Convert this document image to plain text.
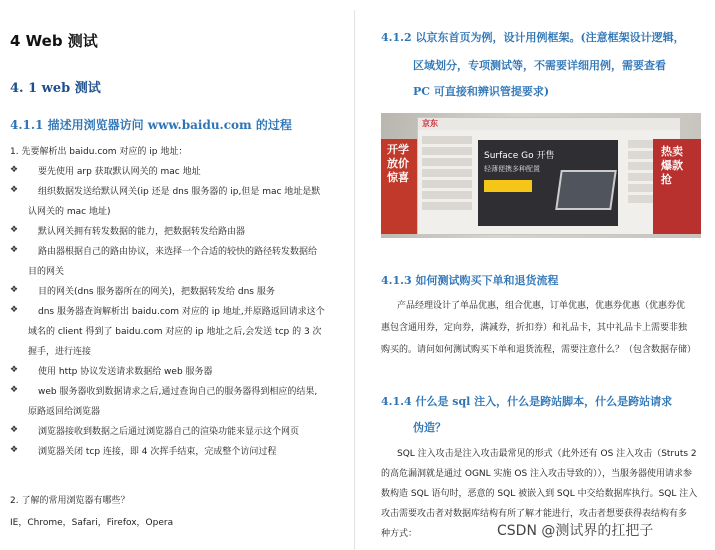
4 Web 测试
4. 1 web 测试
4.1.1 描述用浏览器访问 www.baidu.com 的过程
1. 先要解析出 baidu.com 对应的 ip 地址：
❖ 要先使用 arp 获取默认网关的 mac 地址
❖ 组织数据发送给默认网关(ip 还是 dns 服务器的 ip,但是 mac 地址是默
认网关的 mac 地址)
❖ 默认网关拥有转发数据的能力，把数据转发给路由器
❖ 路由器根据自己的路由协议，来选择一个合适的较快的路径转发数据给
目的网关
❖ 目的网关(dns 服务器所在的网关)，把数据转发给 dns 服务
❖ dns 服务器查询解析出 baidu.com 对应的 ip 地址,并原路返回请求这个
域名的 client 得到了 baidu.com 对应的 ip 地址之后,会发送 tcp 的 3 次
握手，进行连接
❖ 使用 http 协议发送请求数据给 web 服务器
❖ web 服务器收到数据请求之后,通过查询自己的服务器得到相应的结果,
原路返回给浏览器
❖ 浏览器接收到数据之后通过浏览器自己的渲染功能来显示这个网页
❖ 浏览器关闭 tcp 连接，即 4 次挥手结束，完成整个访问过程
2. 了解的常用浏览器有哪些？
IE，Chrome，Safari，Firefox，Opera
4.1.2 以京东首页为例，设计用例框架。(注意框架设计逻辑，
区域划分，专项测试等，不需要详细用例，需要查看
PC 可直接和辨识管提要求)
开学放价惊喜
京东
Surface Go 开售
轻薄便携多种配置
热卖爆款抢
4.1.3 如何测试购买下单和退货流程
产品经理设计了单品优惠，组合优惠，订单优惠，优惠券优惠（优惠券优
惠包含通用券，定向券，满减券，折扣券）和礼品卡，其中礼品卡上需要非独
购买的。请问如何测试购买下单和退货流程，需要注意什么？（包含数据存储）
4.1.4 什么是 sql 注入，什么是跨站脚本，什么是跨站请求
伪造？
SQL 注入攻击是注入攻击最常见的形式（此外还有 OS 注入攻击（Struts 2
的高危漏洞就是通过 OGNL 实施 OS 注入攻击导致的）），当服务器使用请求参
数构造 SQL 语句时，恶意的 SQL 被嵌入到 SQL 中交给数据库执行。SQL 注入
攻击需要攻击者对数据库结构有所了解才能进行，攻击者想要获得表结构有多
种方式：	CSDN @测试界的扛把子
